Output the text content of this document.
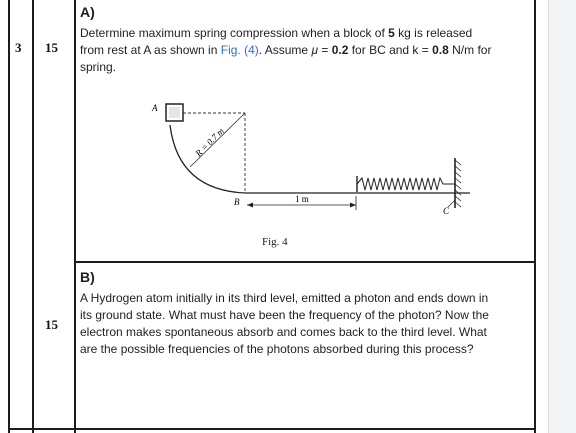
3 15
15
A)
Determine maximum spring compression when a block of 5 kg is released
from rest at A as shown in Fig. (4). Assume μ = 0.2 for BC and k = 0.8 N/m for
spring.
A
B
C
R = 0.7 m
1 m
Fig. 4
B)
A Hydrogen atom initially in its third level, emitted a photon and ends down in
its ground state. What must have been the frequency of the photon? Now the
electron makes spontaneous absorb and comes back to the third level. What
are the possible frequencies of the photons absorbed during this process?
